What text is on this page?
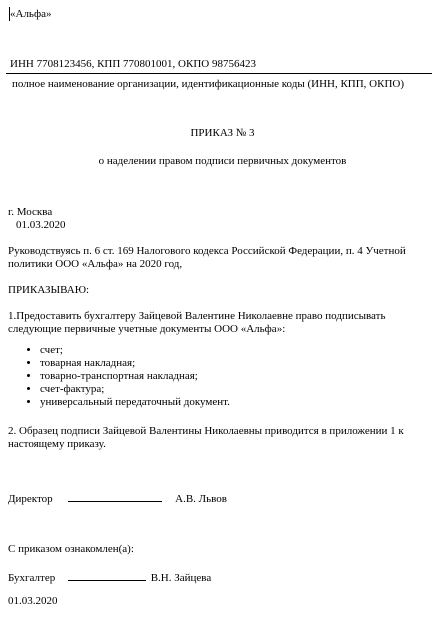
«Альфа»
ИНН 7708123456, КПП 770801001, ОКПО 98756423
полное наименование организации, идентификационные коды (ИНН, КПП, ОКПО)
ПРИКАЗ № 3
о наделении правом подписи первичных документов
г. Москва
01.03.2020
Руководствуясь п. 6 ст. 169 Налогового кодекса Российской Федерации, п. 4 Учетной
политики ООО «Альфа» на 2020 год,
ПРИКАЗЫВАЮ:
1.Предоставить бухгалтеру Зайцевой Валентине Николаевне право подписывать
следующие первичные учетные документы ООО «Альфа»:
• счет;
• товарная накладная;
• товарно-транспортная накладная;
• счет-фактура;
• универсальный передаточный документ.
2. Образец подписи Зайцевой Валентины Николаевны приводится в приложении 1 к
настоящему приказу.
Директор	А.В. Львов
С приказом ознакомлен(а):
Бухгалтер	В.Н. Зайцева
01.03.2020
